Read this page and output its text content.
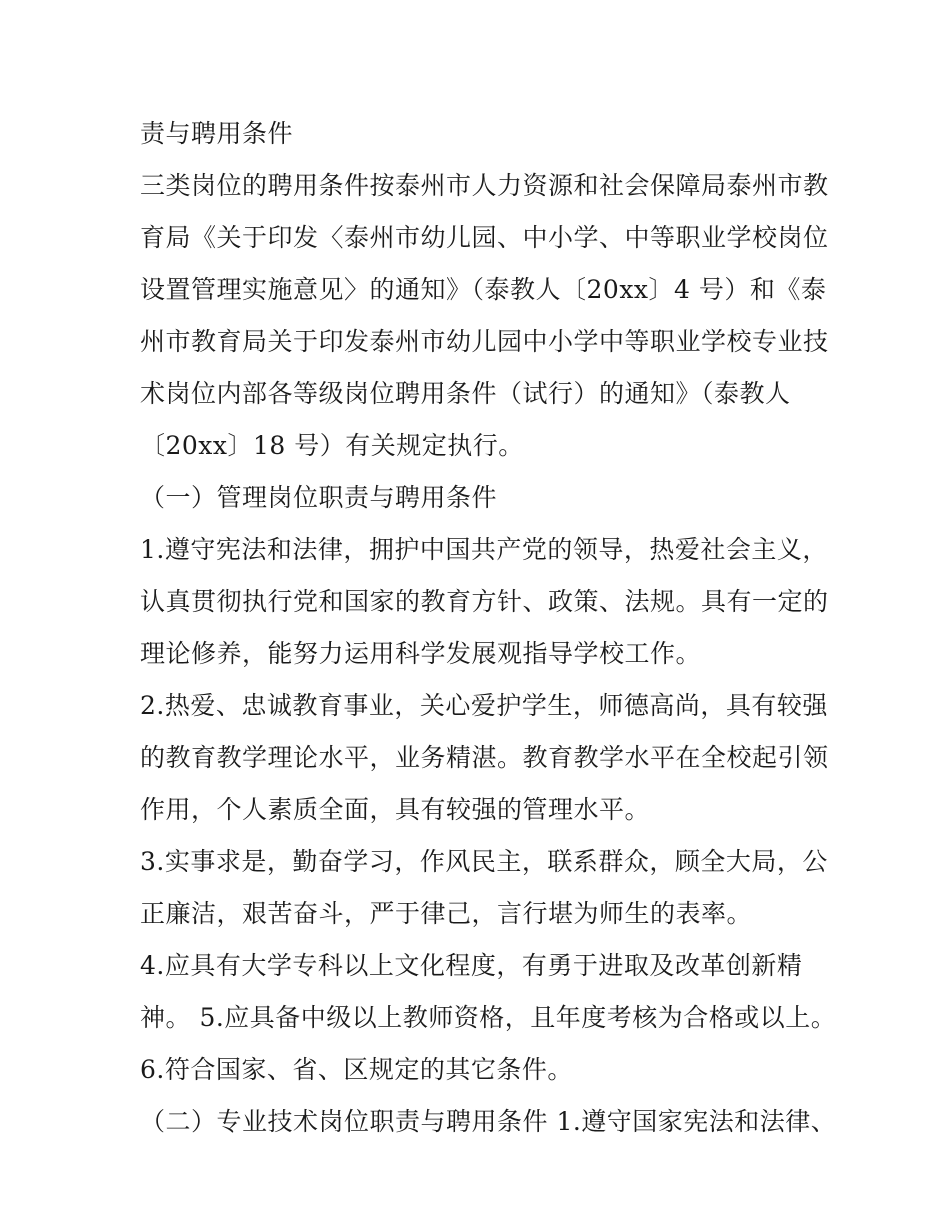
责与聘用条件
三类岗位的聘用条件按泰州市人力资源和社会保障局泰州市教
育局《关于印发〈泰州市幼儿园、中小学、中等职业学校岗位
设置管理实施意见〉的通知》（泰教人〔20xx〕4 号）和《泰
州市教育局关于印发泰州市幼儿园中小学中等职业学校专业技
术岗位内部各等级岗位聘用条件（试行）的通知》（泰教人
〔20xx〕18 号）有关规定执行。
（一）管理岗位职责与聘用条件
1.遵守宪法和法律，拥护中国共产党的领导，热爱社会主义，
认真贯彻执行党和国家的教育方针、政策、法规。具有一定的
理论修养，能努力运用科学发展观指导学校工作。
2.热爱、忠诚教育事业，关心爱护学生，师德高尚，具有较强
的教育教学理论水平，业务精湛。教育教学水平在全校起引领
作用，个人素质全面，具有较强的管理水平。
3.实事求是，勤奋学习，作风民主，联系群众，顾全大局，公
正廉洁，艰苦奋斗，严于律己，言行堪为师生的表率。
4.应具有大学专科以上文化程度，有勇于进取及改革创新精
神。 5.应具备中级以上教师资格，且年度考核为合格或以上。
6.符合国家、省、区规定的其它条件。
（二）专业技术岗位职责与聘用条件 1.遵守国家宪法和法律、
